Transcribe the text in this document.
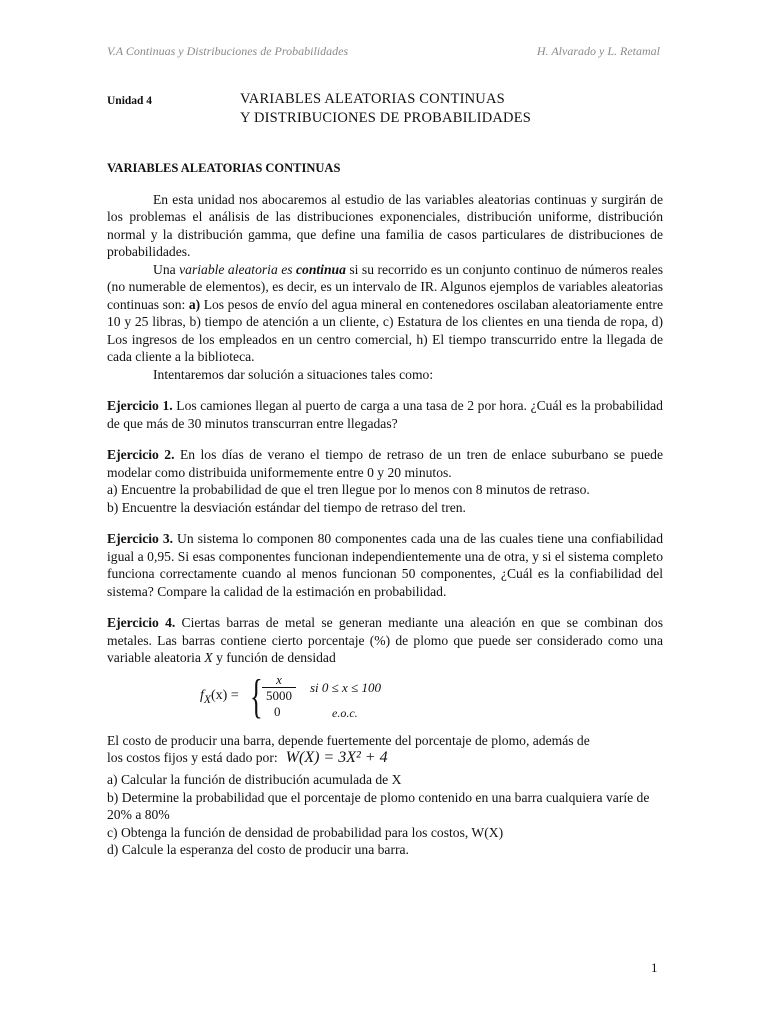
V.A Continuas y Distribuciones de Probabilidades	H. Alvarado y L. Retamal
Unidad 4	VARIABLES ALEATORIAS CONTINUAS
Y DISTRIBUCIONES DE PROBABILIDADES
VARIABLES ALEATORIAS CONTINUAS

En esta unidad nos abocaremos al estudio de las variables aleatorias continuas y surgirán de los problemas el análisis de las distribuciones exponenciales, distribución uniforme, distribución normal y la distribución gamma, que define una familia de casos particulares de distribuciones de probabilidades.

Una variable aleatoria es continua si su recorrido es un conjunto continuo de números reales (no numerable de elementos), es decir, es un intervalo de IR. Algunos ejemplos de variables aleatorias continuas son: a) Los pesos de envío del agua mineral en contenedores oscilaban aleatoriamente entre 10 y 25 libras, b) tiempo de atención a un cliente, c) Estatura de los clientes en una tienda de ropa, d) Los ingresos de los empleados en un centro comercial, h) El tiempo transcurrido entre la llegada de cada cliente a la biblioteca.

Intentaremos dar solución a situaciones tales como:

Ejercicio 1. Los camiones llegan al puerto de carga a una tasa de 2 por hora. ¿Cuál es la probabilidad de que más de 30 minutos transcurran entre llegadas?

Ejercicio 2. En los días de verano el tiempo de retraso de un tren de enlace suburbano se puede modelar como distribuida uniformemente entre 0 y 20 minutos.

a) Encuentre la probabilidad de que el tren llegue por lo menos con 8 minutos de retraso.
b) Encuentre la desviación estándar del tiempo de retraso del tren.

Ejercicio 3. Un sistema lo componen 80 componentes cada una de las cuales tiene una confiabilidad igual a 0,95. Si esas componentes funcionan independientemente una de otra, y si el sistema completo funciona correctamente cuando al menos funcionan 50 componentes, ¿Cuál es la confiabilidad del sistema? Compare la calidad de la estimación en probabilidad.

Ejercicio 4. Ciertas barras de metal se generan mediante una aleación en que se combinan dos metales. Las barras contiene cierto porcentaje (%) de plomo que puede ser considerado como una variable aleatoria X y función de densidad

$f_X(x)$ = { $\frac{x}{5000}$
0
si 0 ≤ x ≤ 100
e.o.c.

El costo de producir una barra, depende fuertemente del porcentaje de plomo, además de

los costos fijos y está dado por: W(X) = 3X² + 4
a) Calcular la función de distribución acumulada de X
b) Determine la probabilidad que el porcentaje de plomo contenido en una barra cualquiera varíe de 20% a 80%
c) Obtenga la función de densidad de probabilidad para los costos, W(X)
d) Calcule la esperanza del costo de producir una barra.
1
